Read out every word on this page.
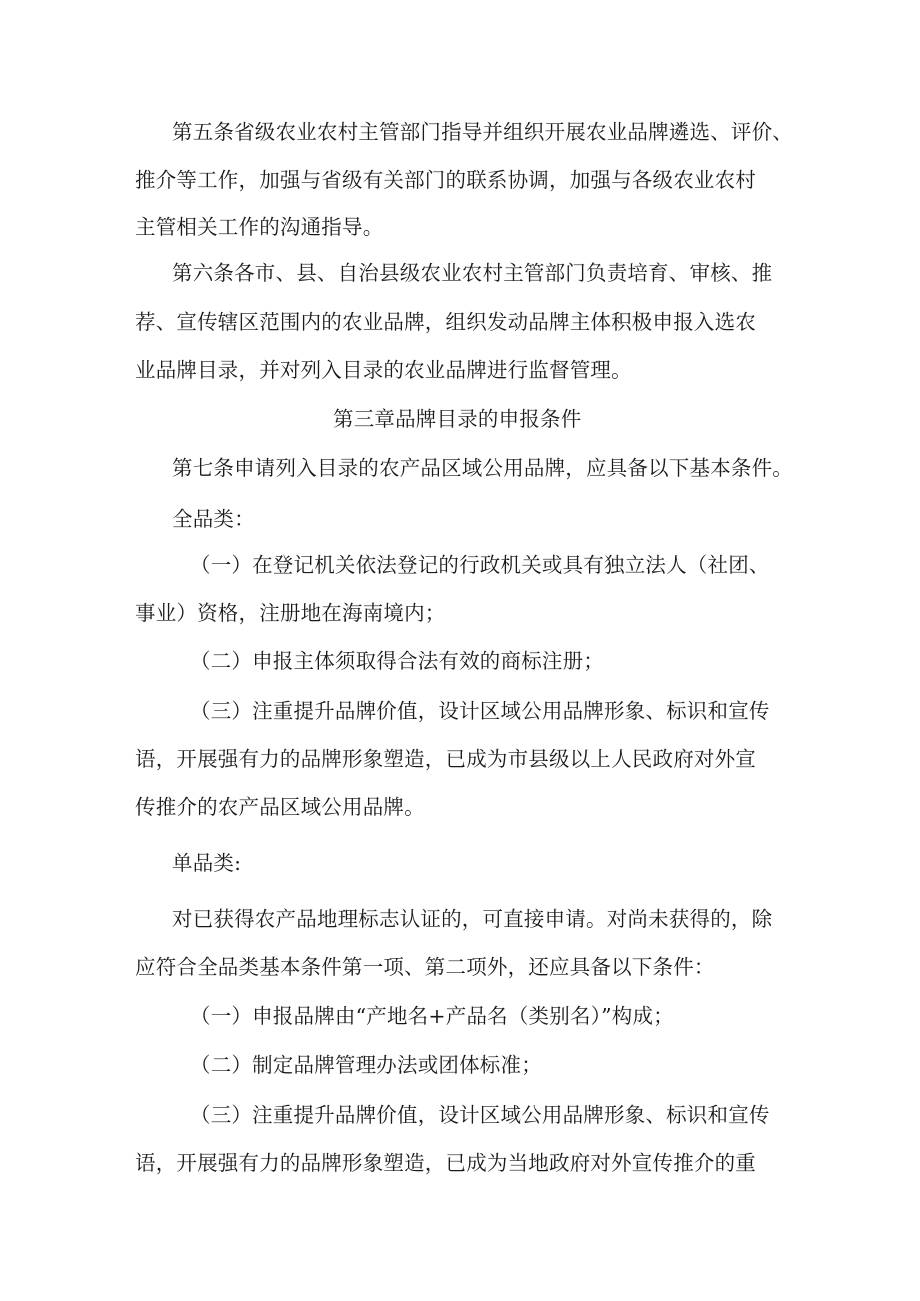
第五条省级农业农村主管部门指导并组织开展农业品牌遴选、评价、
推介等工作，加强与省级有关部门的联系协调，加强与各级农业农村
主管相关工作的沟通指导。
第六条各市、县、自治县级农业农村主管部门负责培育、审核、推
荐、宣传辖区范围内的农业品牌，组织发动品牌主体积极申报入选农
业品牌目录，并对列入目录的农业品牌进行监督管理。
第三章品牌目录的申报条件
第七条申请列入目录的农产品区域公用品牌，应具备以下基本条件。
全品类：
（一）在登记机关依法登记的行政机关或具有独立法人（社团、
事业）资格，注册地在海南境内；
（二）申报主体须取得合法有效的商标注册；
（三）注重提升品牌价值，设计区域公用品牌形象、标识和宣传
语，开展强有力的品牌形象塑造，已成为市县级以上人民政府对外宣
传推介的农产品区域公用品牌。
单品类:
对已获得农产品地理标志认证的，可直接申请。对尚未获得的，除
应符合全品类基本条件第一项、第二项外，还应具备以下条件：
（一）申报品牌由“产地名+产品名（类别名）”构成；
（二）制定品牌管理办法或团体标准；
（三）注重提升品牌价值，设计区域公用品牌形象、标识和宣传
语，开展强有力的品牌形象塑造，已成为当地政府对外宣传推介的重
